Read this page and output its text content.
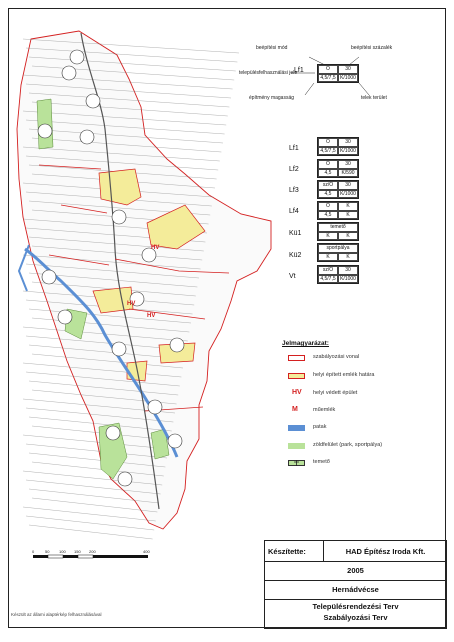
HV
HV
HV
beépítési mód	beépítési százalék
településfelhasználási jele
Lf1	O	30
4,5/7,5 K/1000
építmény magasság	telek terület
Lf1
O	30
4,5/7,5 K/1000
Lf2
O	30
4,5	K/590
Lf3
sz/O	30
4,5	K/1000
Lf4
O	K
4,5	K
Kü1
temető
K	K
Kü2
sportpálya
K	K
Vt
sz/O	30
4,5/7,5 K/1000
Jelmagyarázat:
szabályozási vonal
helyi épített emlék határa
HV helyi védett épület
M	műemlék
patak
zöldfelület (park, sportpálya)
temető
0	50 100 150 200	400	Készítette:	HAD Építész Iroda Kft.
2005
Hernádvécse
Településrendezési Terv
Szabályozási Terv
Készült az állami alaptérkép felhasználásával
